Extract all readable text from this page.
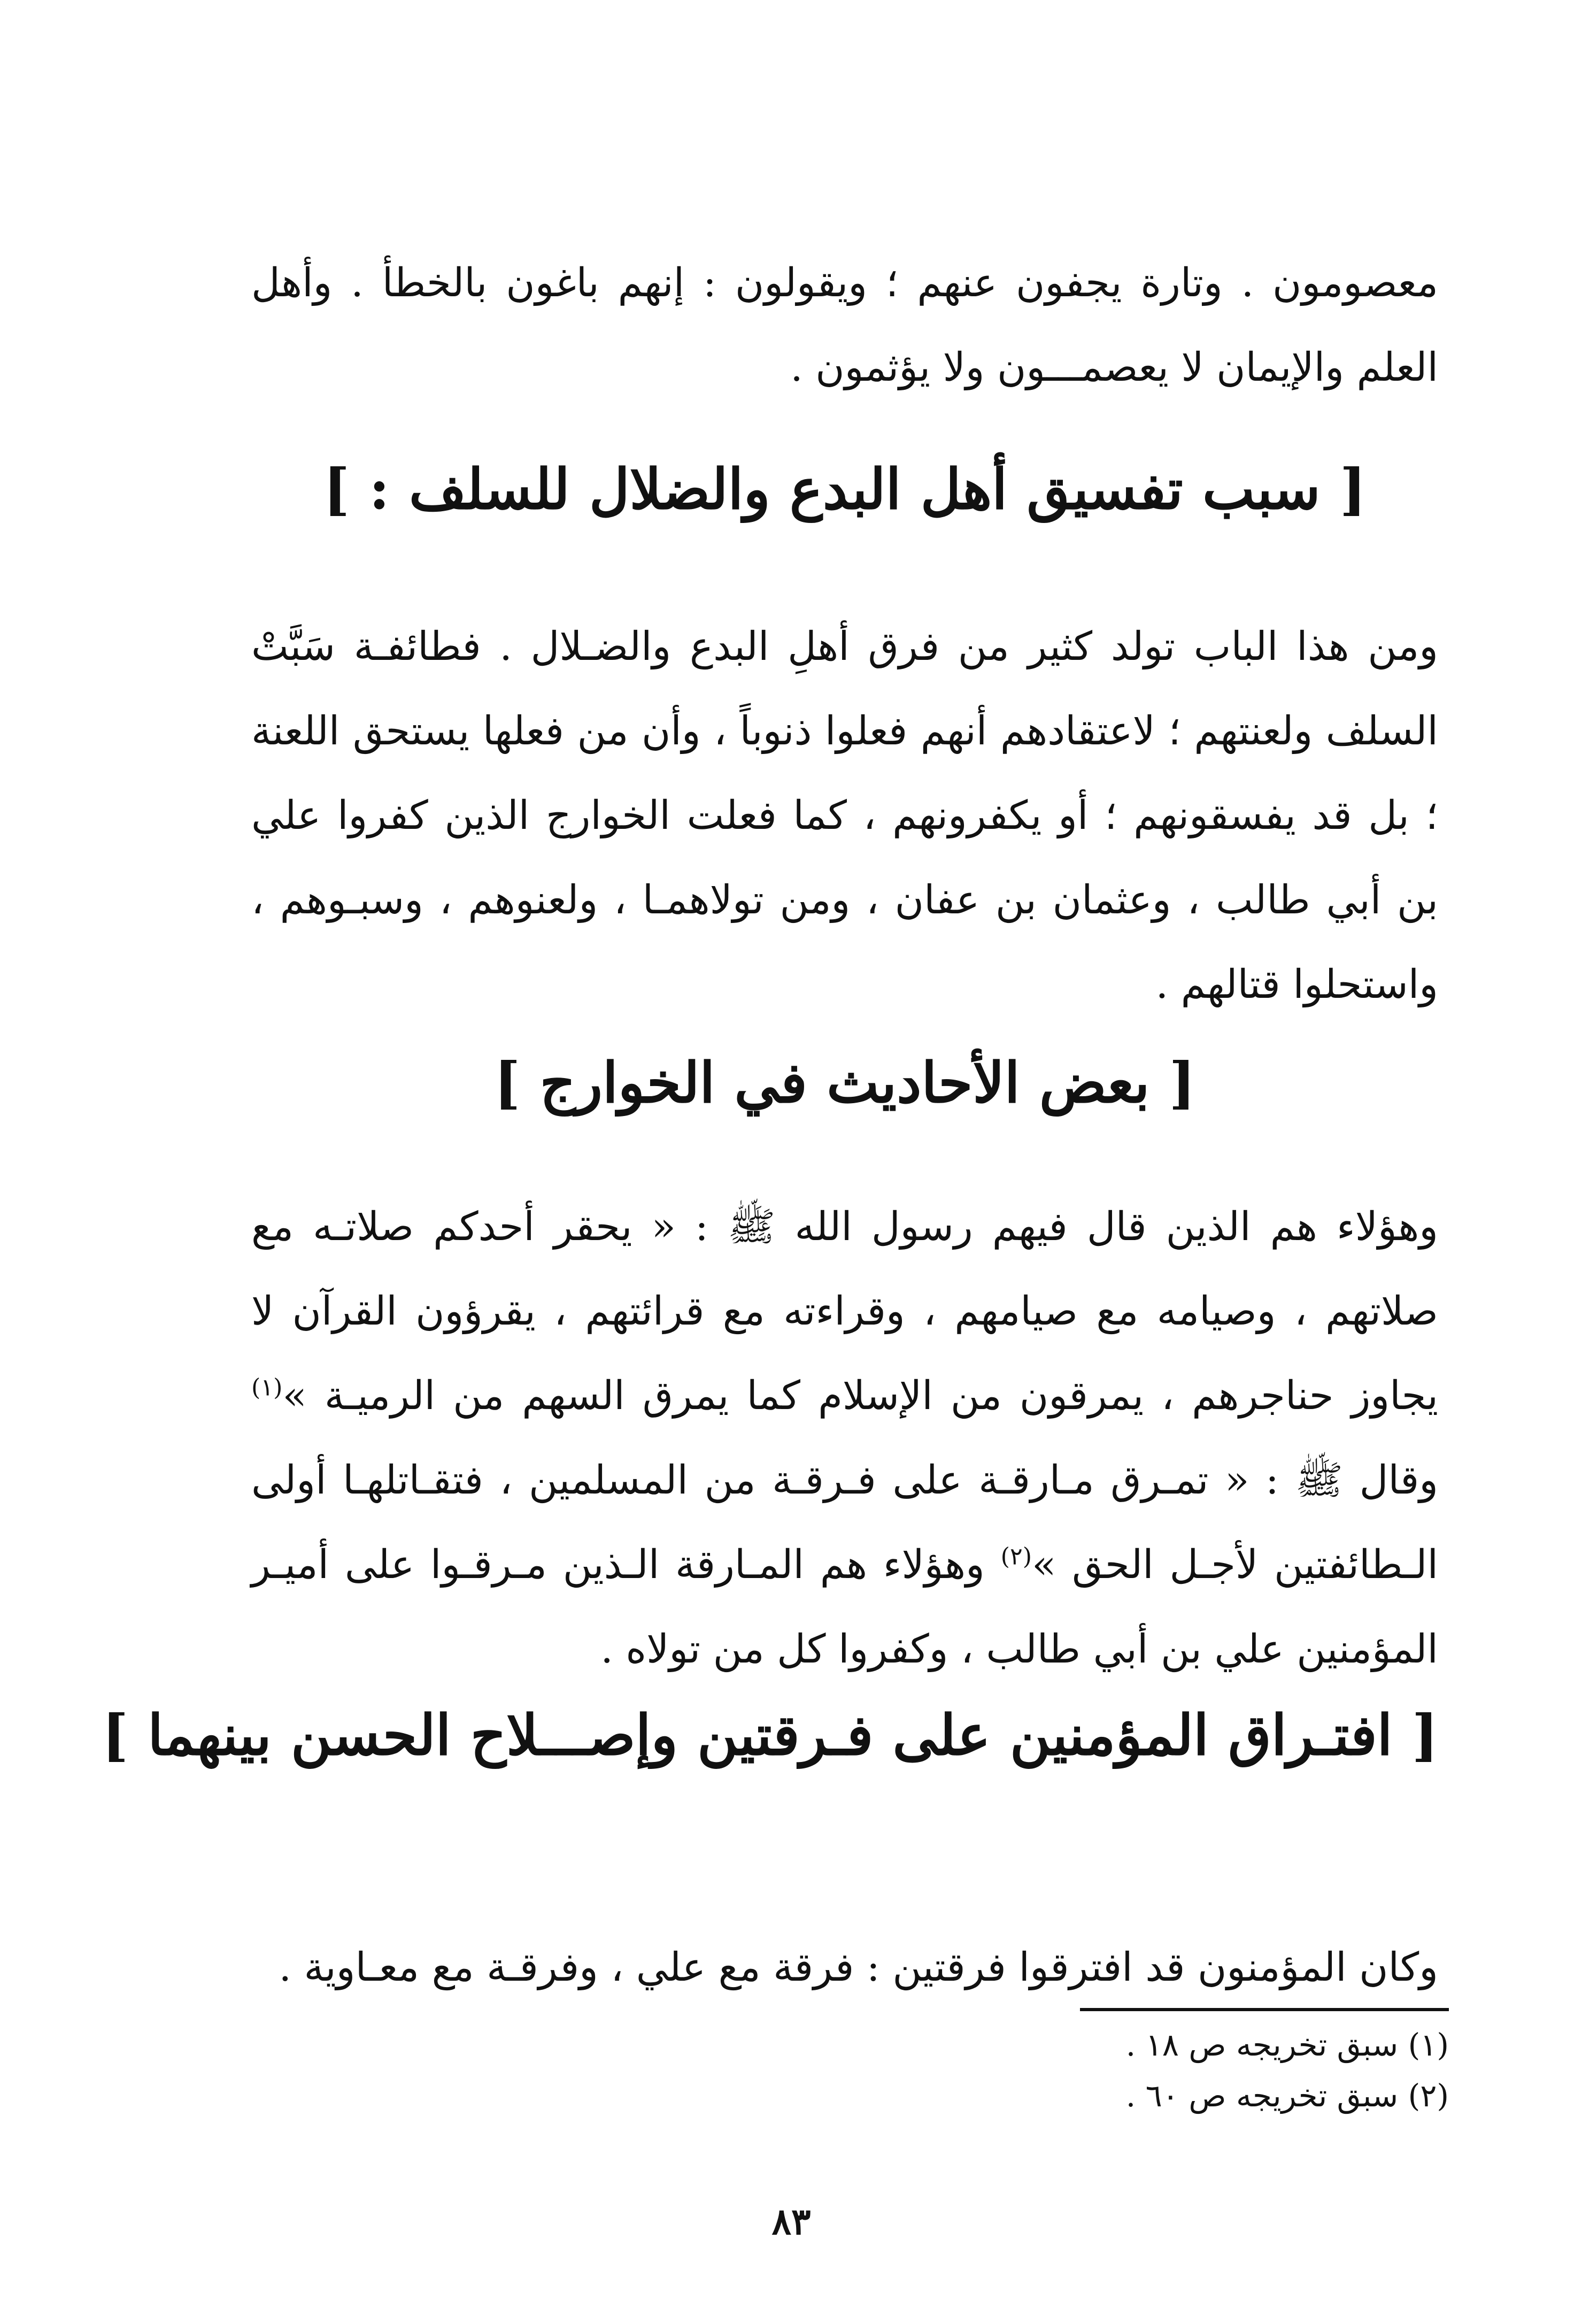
معصومون . وتارة يجفون عنهم ؛ ويقولون : إنهم باغون بالخطأ . وأهل العلم والإيمان لا يعصمـــون ولا يؤثمون .

[ سبب تفسيق أهل البدع والضلال للسلف : ]

ومن هذا الباب تولد كثير من فرق أهلِ البدع والضـلال . فطائفـة سَبَّتْ السلف ولعنتهم ؛ لاعتقادهم أنهم فعلوا ذنوباً ، وأن من فعلها يستحق اللعنة ؛ بل قد يفسقونهم ؛ أو يكفرونهم ، كما فعلت الخوارج الذين كفروا علي بن أبي طالب ، وعثمان بن عفان ، ومن تولاهمـا ، ولعنوهم ، وسبـوهم ، واستحلوا قتالهم .

[ بعض الأحاديث في الخوارج ]

وهؤلاء هم الذين قال فيهم رسول الله ﷺ : « يحقر أحدكم صلاتـه مع صلاتهم ، وصيامه مع صيامهم ، وقراءته مع قرائتهم ، يقرؤون القرآن لا يجاوز حناجرهم ، يمرقون من الإسلام كما يمرق السهم من الرميـة »$^{(١)}$ وقال ﷺ : « تمـرق مـارقـة على فـرقـة من المسلمين ، فتقـاتلهـا أولى الـطائفتين لأجـل الحق »$^{(٢)}$ وهؤلاء هم المـارقة الـذين مـرقـوا على أميـر المؤمنين علي بن أبي طالب ، وكفروا كل من تولاه .

[ افتـراق المؤمنين على فـرقتين وإصـــلاح الحسن بينهما ]

وكان المؤمنون قد افترقوا فرقتين : فرقة مع علي ، وفرقـة مع معـاوية .

(١) سبق تخريجه ص ١٨ .

(٢) سبق تخريجه ص ٦٠ .

٨٣
